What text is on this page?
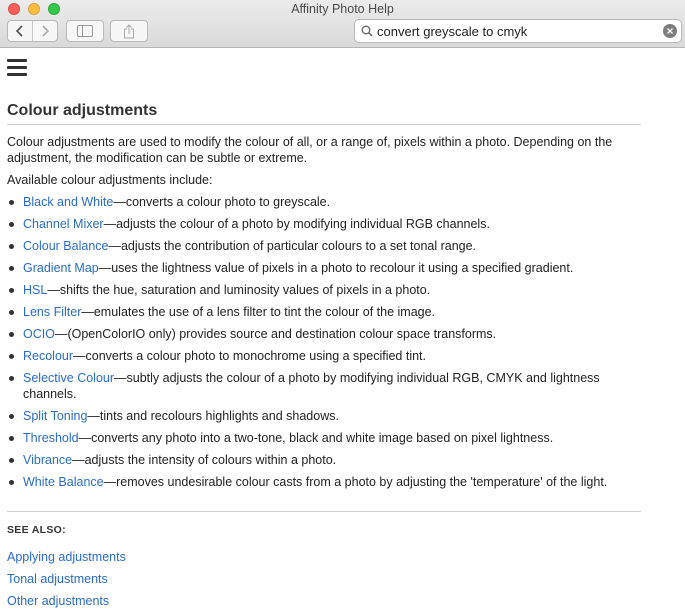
Affinity Photo Help
convert greyscale to cmyk
Colour adjustments

Colour adjustments are used to modify the colour of all, or a range of, pixels within a photo. Depending on the adjustment, the modification can be subtle or extreme.

Available colour adjustments include:

Black and White—converts a colour photo to greyscale.
Channel Mixer—adjusts the colour of a photo by modifying individual RGB channels.
Colour Balance—adjusts the contribution of particular colours to a set tonal range.
Gradient Map—uses the lightness value of pixels in a photo to recolour it using a specified gradient.
HSL—shifts the hue, saturation and luminosity values of pixels in a photo.
Lens Filter—emulates the use of a lens filter to tint the colour of the image.
OCIO—(OpenColorIO only) provides source and destination colour space transforms.
Recolour—converts a colour photo to monochrome using a specified tint.
Selective Colour—subtly adjusts the colour of a photo by modifying individual RGB, CMYK and lightness channels.
Split Toning—tints and recolours highlights and shadows.
Threshold—converts any photo into a two-tone, black and white image based on pixel lightness.
Vibrance—adjusts the intensity of colours within a photo.
White Balance—removes undesirable colour casts from a photo by adjusting the 'temperature' of the light.
SEE ALSO:
Applying adjustments
Tonal adjustments
Other adjustments
